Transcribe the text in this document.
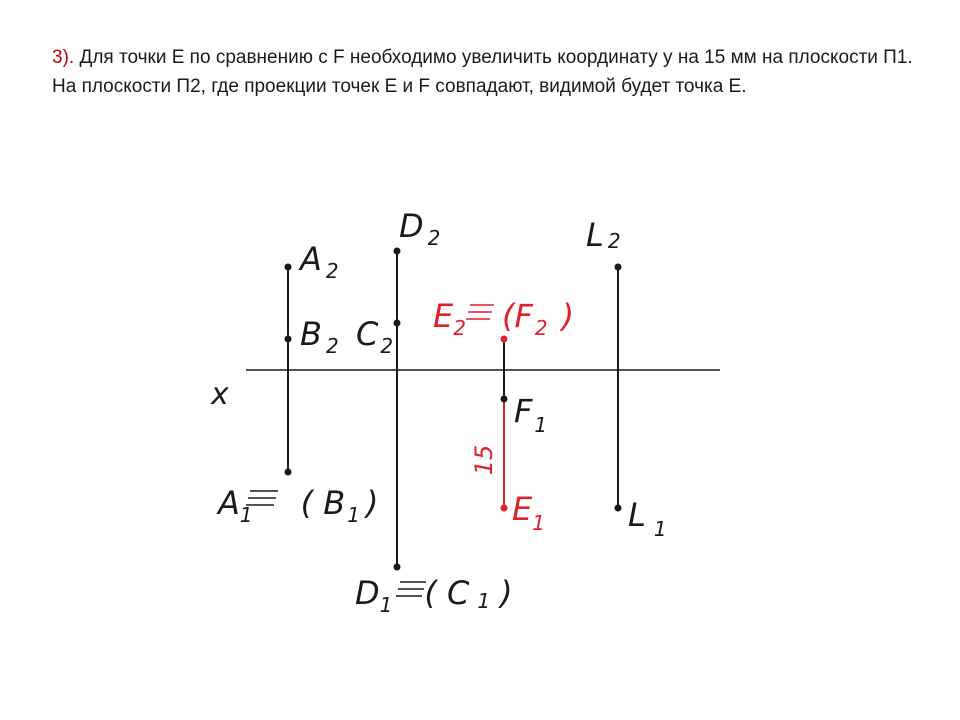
3). Для точки E по сравнению с F необходимо увеличить координату y на 15 мм на плоскости П1. На плоскости П2, где проекции точек E и F совпадают, видимой будет точка E.

x
A 2
B 2 C 2
D 2	L 2
F 1
L 1
A1 ( B 1 )
D1 ( C 1 )
E2 (F 2 )
E1
15
